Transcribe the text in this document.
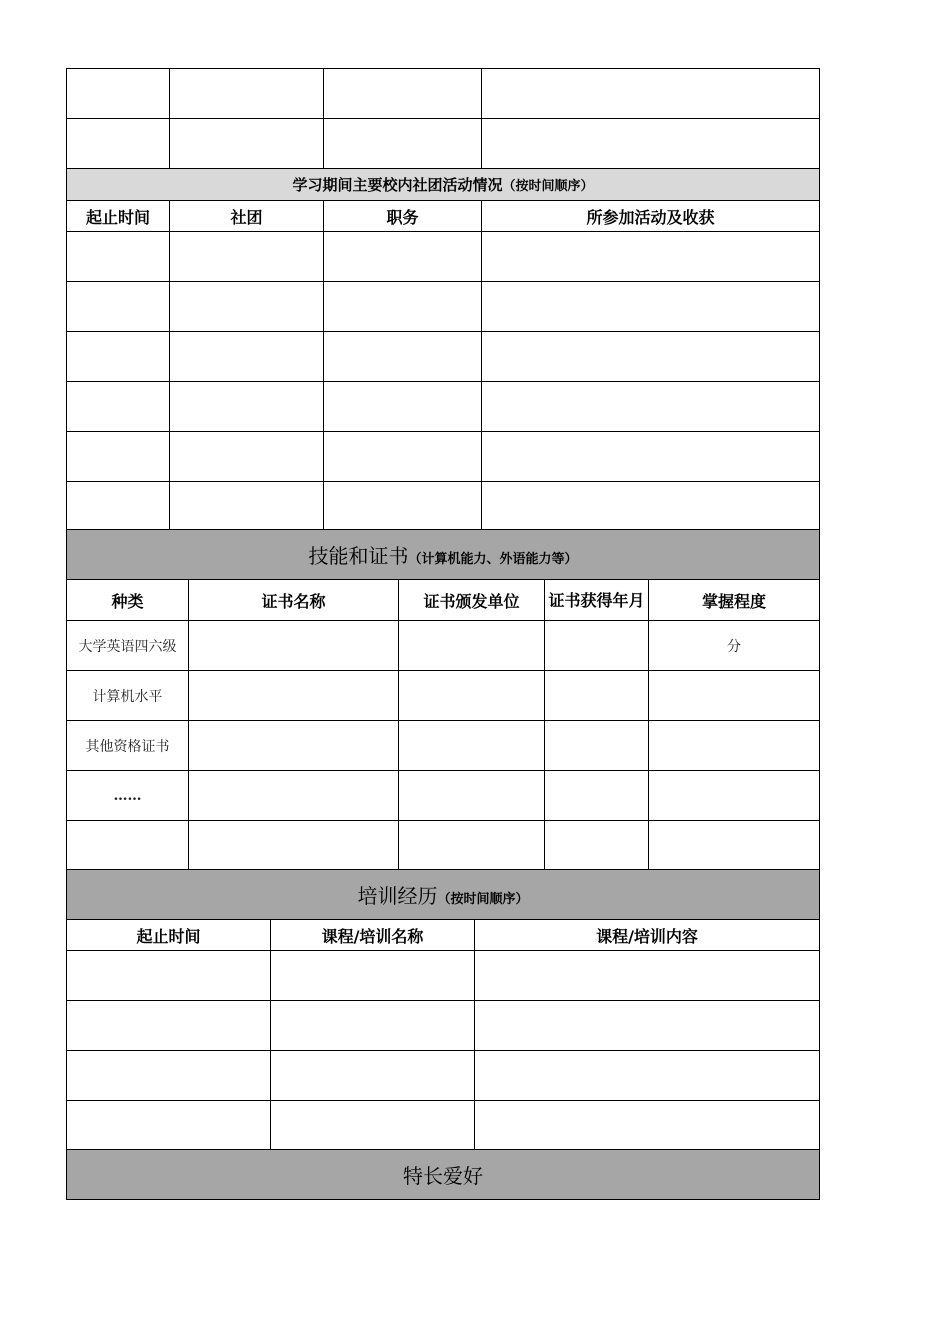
学习期间主要校内社团活动情况（按时间顺序）			
起止时间	社团	职务	所参加活动及收获

技能和证书（计算机能力、外语能力等）				
种类	证书名称	证书颁发单位	证书获得年月	掌握程度
大学英语四六级				分
计算机水平				
其他资格证书				
……				

培训经历（按时间顺序）		
起止时间	课程/培训名称	课程/培训内容

特长爱好		
